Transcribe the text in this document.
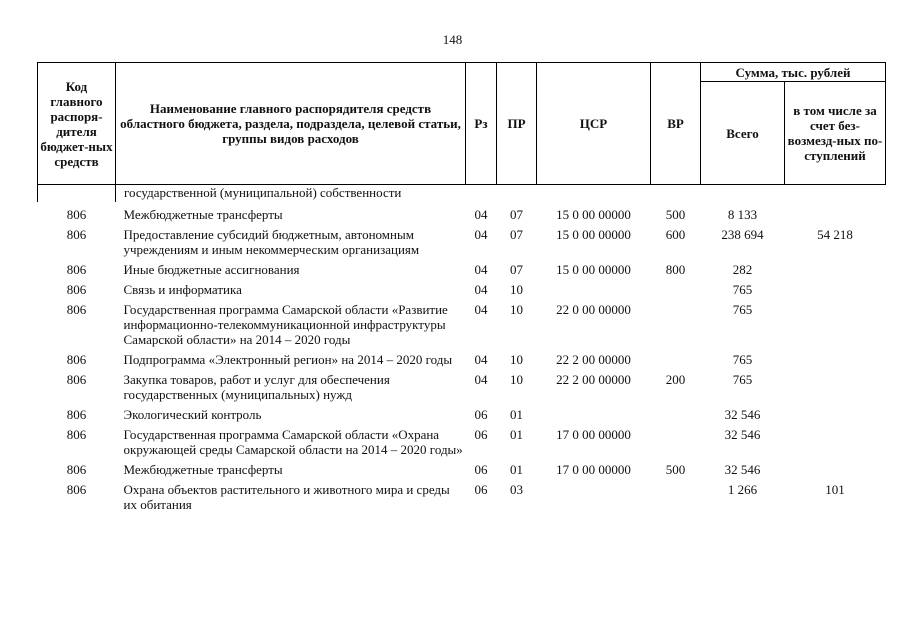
148
Код главного распоря-дителя бюджет-ных средств	Наименование главного распорядителя средств областного бюджета, раздела, подраздела, целевой статьи, группы видов расходов	Рз	ПР	ЦСР	ВР	Сумма, тыс. рублей	
						Всего	в том числе за счет без-возмезд-ных по-ступлений
	государственной (муниципальной) собственности						
806	Межбюджетные трансферты	04	07	15 0 00 00000	500	8 133	
806	Предоставление субсидий бюджетным, автономным учреждениям и иным некоммерческим организациям	04	07	15 0 00 00000	600	238 694	54 218
806	Иные бюджетные ассигнования	04	07	15 0 00 00000	800	282	
806	Связь и информатика	04	10			765	
806	Государственная программа Самарской области «Развитие информационно-телекоммуникационной инфраструктуры Самарской области» на 2014 – 2020 годы	04	10	22 0 00 00000		765	
806	Подпрограмма «Электронный регион» на 2014 – 2020 годы	04	10	22 2 00 00000		765	
806	Закупка товаров, работ и услуг для обеспечения государственных (муниципальных) нужд	04	10	22 2 00 00000	200	765	
806	Экологический контроль	06	01			32 546	
806	Государственная программа Самарской области «Охрана окружающей среды Самарской области на 2014 – 2020 годы»	06	01	17 0 00 00000		32 546	
806	Межбюджетные трансферты	06	01	17 0 00 00000	500	32 546	
806	Охрана объектов растительного и животного мира и среды их обитания	06	03			1 266	101
